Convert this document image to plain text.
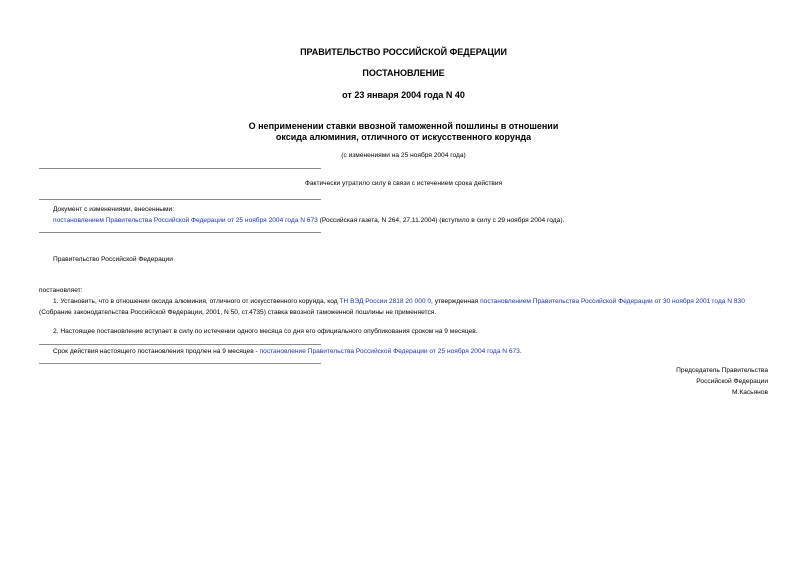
ПРАВИТЕЛЬСТВО РОССИЙСКОЙ ФЕДЕРАЦИИ
ПОСТАНОВЛЕНИЕ
от 23 января 2004 года N 40
О неприменении ставки ввозной таможенной пошлины в отношении
оксида алюминия, отличного от искусственного корунда
(с изменениями на 25 ноября 2004 года)
Фактически утратило силу в связи с истечением срока действия
Документ с изменениями, внесенными:
постановлением Правительства Российской Федерации от 25 ноября 2004 года N 673 (Российская газета, N 264, 27.11.2004) (вступило в силу с 29 ноября 2004 года).
Правительство Российской Федерации
постановляет:
1. Установить, что в отношении оксида алюминия, отличного от искусственного корунда, код ТН ВЭД России 2818 20 000 0, утвержденная постановлением Правительства Российской Федерации от 30 ноября 2001 года N 830 (Собрание законодательства Российской Федерации, 2001, N 50, ст.4735) ставка ввозной таможенной пошлины не применяется.
2. Настоящее постановление вступает в силу по истечении одного месяца со дня его официального опубликования сроком на 9 месяцев.
Срок действия настоящего постановления продлен на 9 месяцев - постановление Правительства Российской Федерации от 25 ноября 2004 года N 673.
Председатель Правительства
Российской Федерации
М.Касьянов
